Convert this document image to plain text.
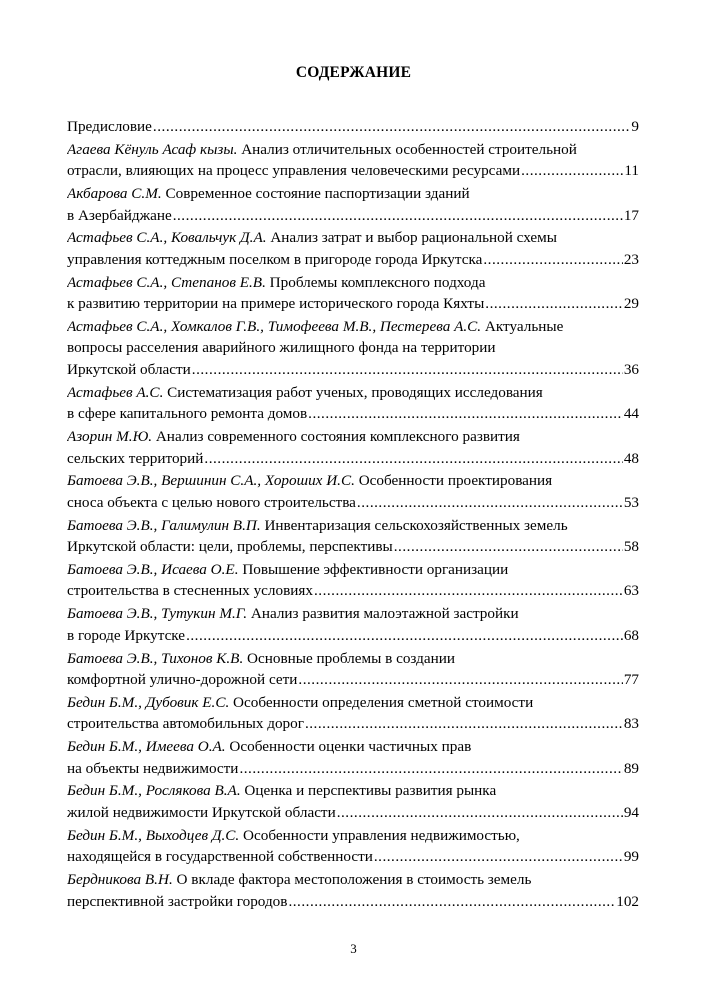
СОДЕРЖАНИЕ
Предисловие .....	9
Агаева Кёнуль Асаф кызы. Анализ отличительных особенностей строительной
отрасли, влияющих на процесс управления человеческими ресурсами .....	11
Акбарова С.М. Современное состояние паспортизации зданий
в Азербайджане .....	17
Астафьев С.А., Ковальчук Д.А. Анализ затрат и выбор рациональной схемы
управления коттеджным поселком в пригороде города Иркутска .....	23
Астафьев С.А., Степанов Е.В. Проблемы комплексного подхода
к развитию территории на примере исторического города Кяхты .....	29
Астафьев С.А., Хомкалов Г.В., Тимофеева М.В., Пестерева А.С. Актуальные
вопросы расселения аварийного жилищного фонда на территории
Иркутской области .....	36
Астафьев А.С. Систематизация работ ученых, проводящих исследования
в сфере капитального ремонта домов .....	44
Азорин М.Ю. Анализ современного состояния комплексного развития
сельских территорий .....	48
Батоева Э.В., Вершинин С.А., Хороших И.С. Особенности проектирования
сноса объекта с целью нового строительства .....	53
Батоева Э.В., Галимулин В.П. Инвентаризация сельскохозяйственных земель
Иркутской области: цели, проблемы, перспективы .....	58
Батоева Э.В., Исаева О.Е. Повышение эффективности организации
строительства в стесненных условиях .....	63
Батоева Э.В., Тутукин М.Г. Анализ развития малоэтажной застройки
в городе Иркутске .....	68
Батоева Э.В., Тихонов К.В. Основные проблемы в создании
комфортной улично-дорожной сети .....	77
Бедин Б.М., Дубовик Е.С. Особенности определения сметной стоимости
строительства автомобильных дорог .....	83
Бедин Б.М., Имеева О.А. Особенности оценки частичных прав
на объекты недвижимости .....	89
Бедин Б.М., Рослякова В.А. Оценка и перспективы развития рынка
жилой недвижимости Иркутской области .....	94
Бедин Б.М., Выходцев Д.С. Особенности управления недвижимостью,
находящейся в государственной собственности .....	99
Бердникова В.Н. О вкладе фактора местоположения в стоимость земель
перспективной застройки городов .....	102
3
